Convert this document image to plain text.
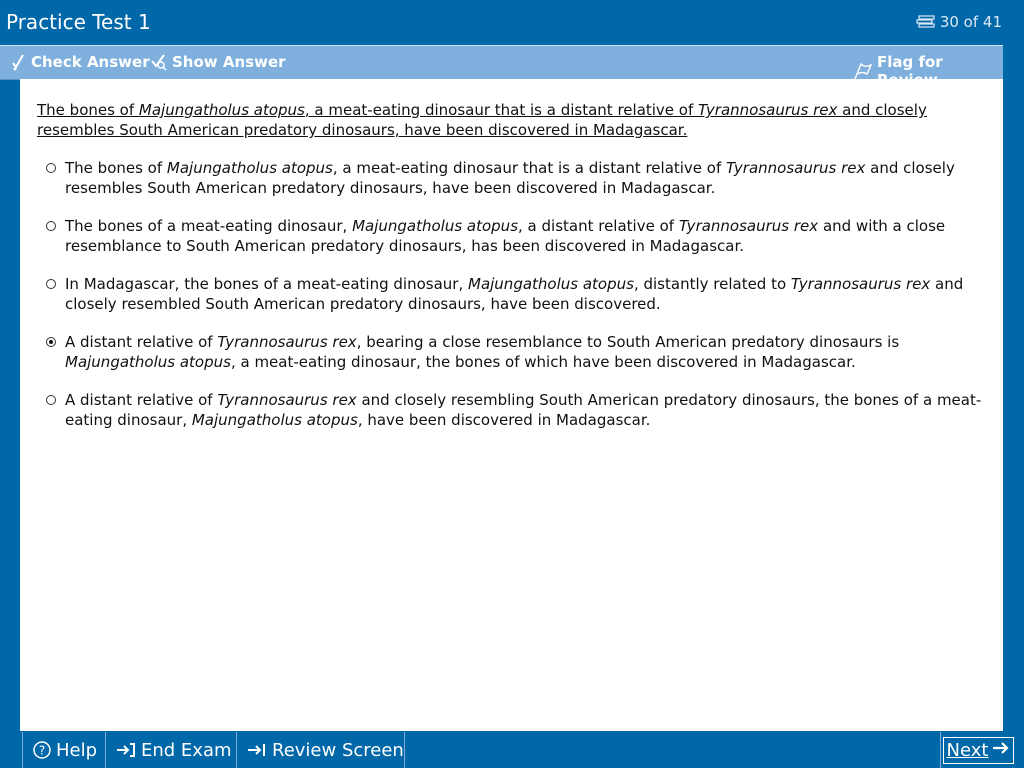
Practice Test 1	30 of 41
Check Answer Show Answer	Flag for
The bones of Majungatholus atopus, a meat-eating dinosaur that is a distant relative of Tyrannosaurus rex and closely resembles South American predatory dinosaurs, have been discovered in Madagascar.
The bones of Majungatholus atopus, a meat-eating dinosaur that is a distant relative of Tyrannosaurus rex and closely resembles South American predatory dinosaurs, have been discovered in Madagascar.
The bones of a meat-eating dinosaur, Majungatholus atopus, a distant relative of Tyrannosaurus rex and with a close resemblance to South American predatory dinosaurs, has been discovered in Madagascar.
In Madagascar, the bones of a meat-eating dinosaur, Majungatholus atopus, distantly related to Tyrannosaurus rex and closely resembled South American predatory dinosaurs, have been discovered.
A distant relative of Tyrannosaurus rex, bearing a close resemblance to South American predatory dinosaurs is Majungatholus atopus, a meat-eating dinosaur, the bones of which have been discovered in Madagascar.
A distant relative of Tyrannosaurus rex and closely resembling South American predatory dinosaurs, the bones of a meat-eating dinosaur, Majungatholus atopus, have been discovered in Madagascar.
? Help End Exam Review Screen	Next
